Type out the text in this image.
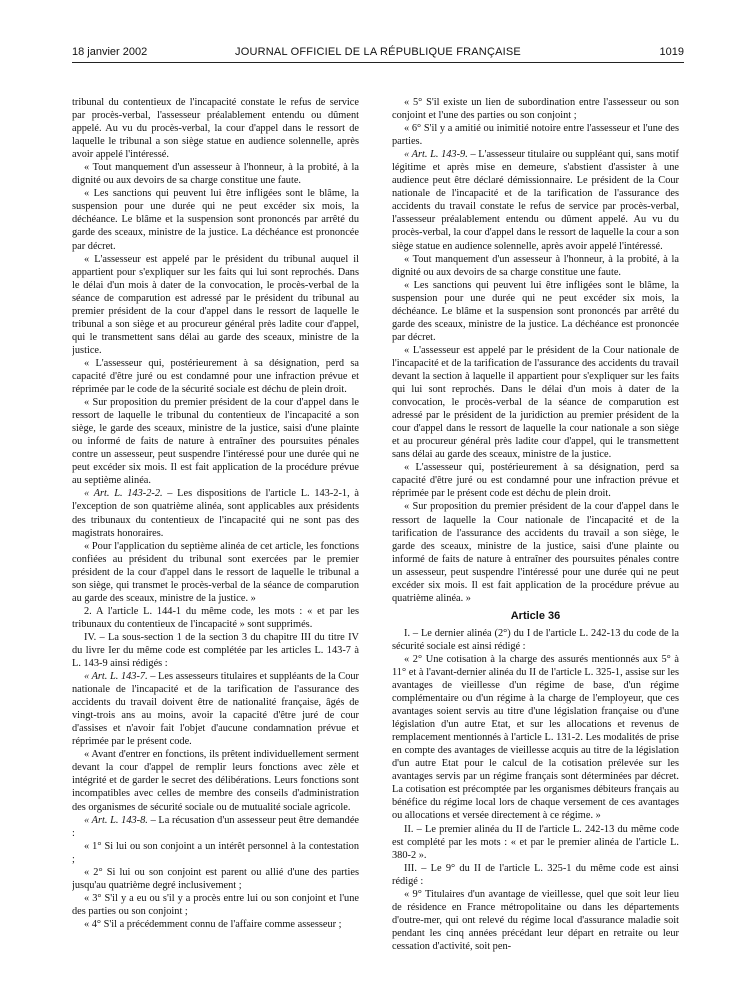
18 janvier 2002	JOURNAL OFFICIEL DE LA RÉPUBLIQUE FRANÇAISE	1019

tribunal du contentieux de l'incapacité constate le refus de service par procès-verbal, l'assesseur préalablement entendu ou dûment appelé. Au vu du procès-verbal, la cour d'appel dans le ressort de laquelle le tribunal a son siège statue en audience solennelle, après avoir appelé l'intéressé.

« Tout manquement d'un assesseur à l'honneur, à la probité, à la dignité ou aux devoirs de sa charge constitue une faute.

« Les sanctions qui peuvent lui être infligées sont le blâme, la suspension pour une durée qui ne peut excéder six mois, la déchéance. Le blâme et la suspension sont prononcés par arrêté du garde des sceaux, ministre de la justice. La déchéance est prononcée par décret.

« L'assesseur est appelé par le président du tribunal auquel il appartient pour s'expliquer sur les faits qui lui sont reprochés. Dans le délai d'un mois à dater de la convocation, le procès-verbal de la séance de comparution est adressé par le président du tribunal au premier président de la cour d'appel dans le ressort de laquelle le tribunal a son siège et au procureur général près ladite cour d'appel, qui le transmettent sans délai au garde des sceaux, ministre de la justice.

« L'assesseur qui, postérieurement à sa désignation, perd sa capacité d'être juré ou est condamné pour une infraction prévue et réprimée par le code de la sécurité sociale est déchu de plein droit.

« Sur proposition du premier président de la cour d'appel dans le ressort de laquelle le tribunal du contentieux de l'incapacité a son siège, le garde des sceaux, ministre de la justice, saisi d'une plainte ou informé de faits de nature à entraîner des poursuites pénales contre un assesseur, peut suspendre l'intéressé pour une durée qui ne peut excéder six mois. Il est fait application de la procédure prévue au septième alinéa.

« Art. L. 143-2-2. – Les dispositions de l'article L. 143-2-1, à l'exception de son quatrième alinéa, sont applicables aux présidents des tribunaux du contentieux de l'incapacité qui ne sont pas des magistrats honoraires.

« Pour l'application du septième alinéa de cet article, les fonctions confiées au président du tribunal sont exercées par le premier président de la cour d'appel dans le ressort de laquelle le tribunal a son siège, qui transmet le procès-verbal de la séance de comparution au garde des sceaux, ministre de la justice. »

2. A l'article L. 144-1 du même code, les mots : « et par les tribunaux du contentieux de l'incapacité » sont supprimés.

IV. – La sous-section 1 de la section 3 du chapitre III du titre IV du livre Ier du même code est complétée par les articles L. 143-7 à L. 143-9 ainsi rédigés :

« Art. L. 143-7. – Les assesseurs titulaires et suppléants de la Cour nationale de l'incapacité et de la tarification de l'assurance des accidents du travail doivent être de nationalité française, âgés de vingt-trois ans au moins, avoir la capacité d'être juré de cour d'assises et n'avoir fait l'objet d'aucune condamnation prévue et réprimée par le présent code.

« Avant d'entrer en fonctions, ils prêtent individuellement serment devant la cour d'appel de remplir leurs fonctions avec zèle et intégrité et de garder le secret des délibérations. Leurs fonctions sont incompatibles avec celles de membre des conseils d'administration des organismes de sécurité sociale ou de mutualité sociale agricole.

« Art. L. 143-8. – La récusation d'un assesseur peut être demandée :

« 1° Si lui ou son conjoint a un intérêt personnel à la contestation ;

« 2° Si lui ou son conjoint est parent ou allié d'une des parties jusqu'au quatrième degré inclusivement ;

« 3° S'il y a eu ou s'il y a procès entre lui ou son conjoint et l'une des parties ou son conjoint ;

« 4° S'il a précédemment connu de l'affaire comme assesseur ;

« 5° S'il existe un lien de subordination entre l'assesseur ou son conjoint et l'une des parties ou son conjoint ;

« 6° S'il y a amitié ou inimitié notoire entre l'assesseur et l'une des parties.

« Art. L. 143-9. – L'assesseur titulaire ou suppléant qui, sans motif légitime et après mise en demeure, s'abstient d'assister à une audience peut être déclaré démissionnaire. Le président de la Cour nationale de l'incapacité et de la tarification de l'assurance des accidents du travail constate le refus de service par procès-verbal, l'assesseur préalablement entendu ou dûment appelé. Au vu du procès-verbal, la cour d'appel dans le ressort de laquelle la cour a son siège statue en audience solennelle, après avoir appelé l'intéressé.

« Tout manquement d'un assesseur à l'honneur, à la probité, à la dignité ou aux devoirs de sa charge constitue une faute.

« Les sanctions qui peuvent lui être infligées sont le blâme, la suspension pour une durée qui ne peut excéder six mois, la déchéance. Le blâme et la suspension sont prononcés par arrêté du garde des sceaux, ministre de la justice. La déchéance est prononcée par décret.

« L'assesseur est appelé par le président de la Cour nationale de l'incapacité et de la tarification de l'assurance des accidents du travail devant la section à laquelle il appartient pour s'expliquer sur les faits qui lui sont reprochés. Dans le délai d'un mois à dater de la convocation, le procès-verbal de la séance de comparution est adressé par le président de la juridiction au premier président de la cour d'appel dans le ressort de laquelle la cour nationale a son siège et au procureur général près ladite cour d'appel, qui le transmettent sans délai au garde des sceaux, ministre de la justice.

« L'assesseur qui, postérieurement à sa désignation, perd sa capacité d'être juré ou est condamné pour une infraction prévue et réprimée par le présent code est déchu de plein droit.

« Sur proposition du premier président de la cour d'appel dans le ressort de laquelle la Cour nationale de l'incapacité et de la tarification de l'assurance des accidents du travail a son siège, le garde des sceaux, ministre de la justice, saisi d'une plainte ou informé de faits de nature à entraîner des poursuites pénales contre un assesseur, peut suspendre l'intéressé pour une durée qui ne peut excéder six mois. Il est fait application de la procédure prévue au quatrième alinéa. »

Article 36

I. – Le dernier alinéa (2°) du I de l'article L. 242-13 du code de la sécurité sociale est ainsi rédigé :

« 2° Une cotisation à la charge des assurés mentionnés aux 5° à 11° et à l'avant-dernier alinéa du II de l'article L. 325-1, assise sur les avantages de vieillesse d'un régime de base, d'un régime complémentaire ou d'un régime à la charge de l'employeur, que ces avantages soient servis au titre d'une législation française ou d'une législation d'un autre Etat, et sur les allocations et revenus de remplacement mentionnés à l'article L. 131-2. Les modalités de prise en compte des avantages de vieillesse acquis au titre de la législation d'un autre Etat pour le calcul de la cotisation prélevée sur les avantages servis par un régime français sont déterminées par décret. La cotisation est précomptée par les organismes débiteurs français au bénéfice du régime local lors de chaque versement de ces avantages ou allocations et versée directement à ce régime. »

II. – Le premier alinéa du II de l'article L. 242-13 du même code est complété par les mots : « et par le premier alinéa de l'article L. 380-2 ».

III. – Le 9° du II de l'article L. 325-1 du même code est ainsi rédigé :

« 9° Titulaires d'un avantage de vieillesse, quel que soit leur lieu de résidence en France métropolitaine ou dans les départements d'outre-mer, qui ont relevé du régime local d'assurance maladie soit pendant les cinq années précédant leur départ en retraite ou leur cessation d'activité, soit pen-
